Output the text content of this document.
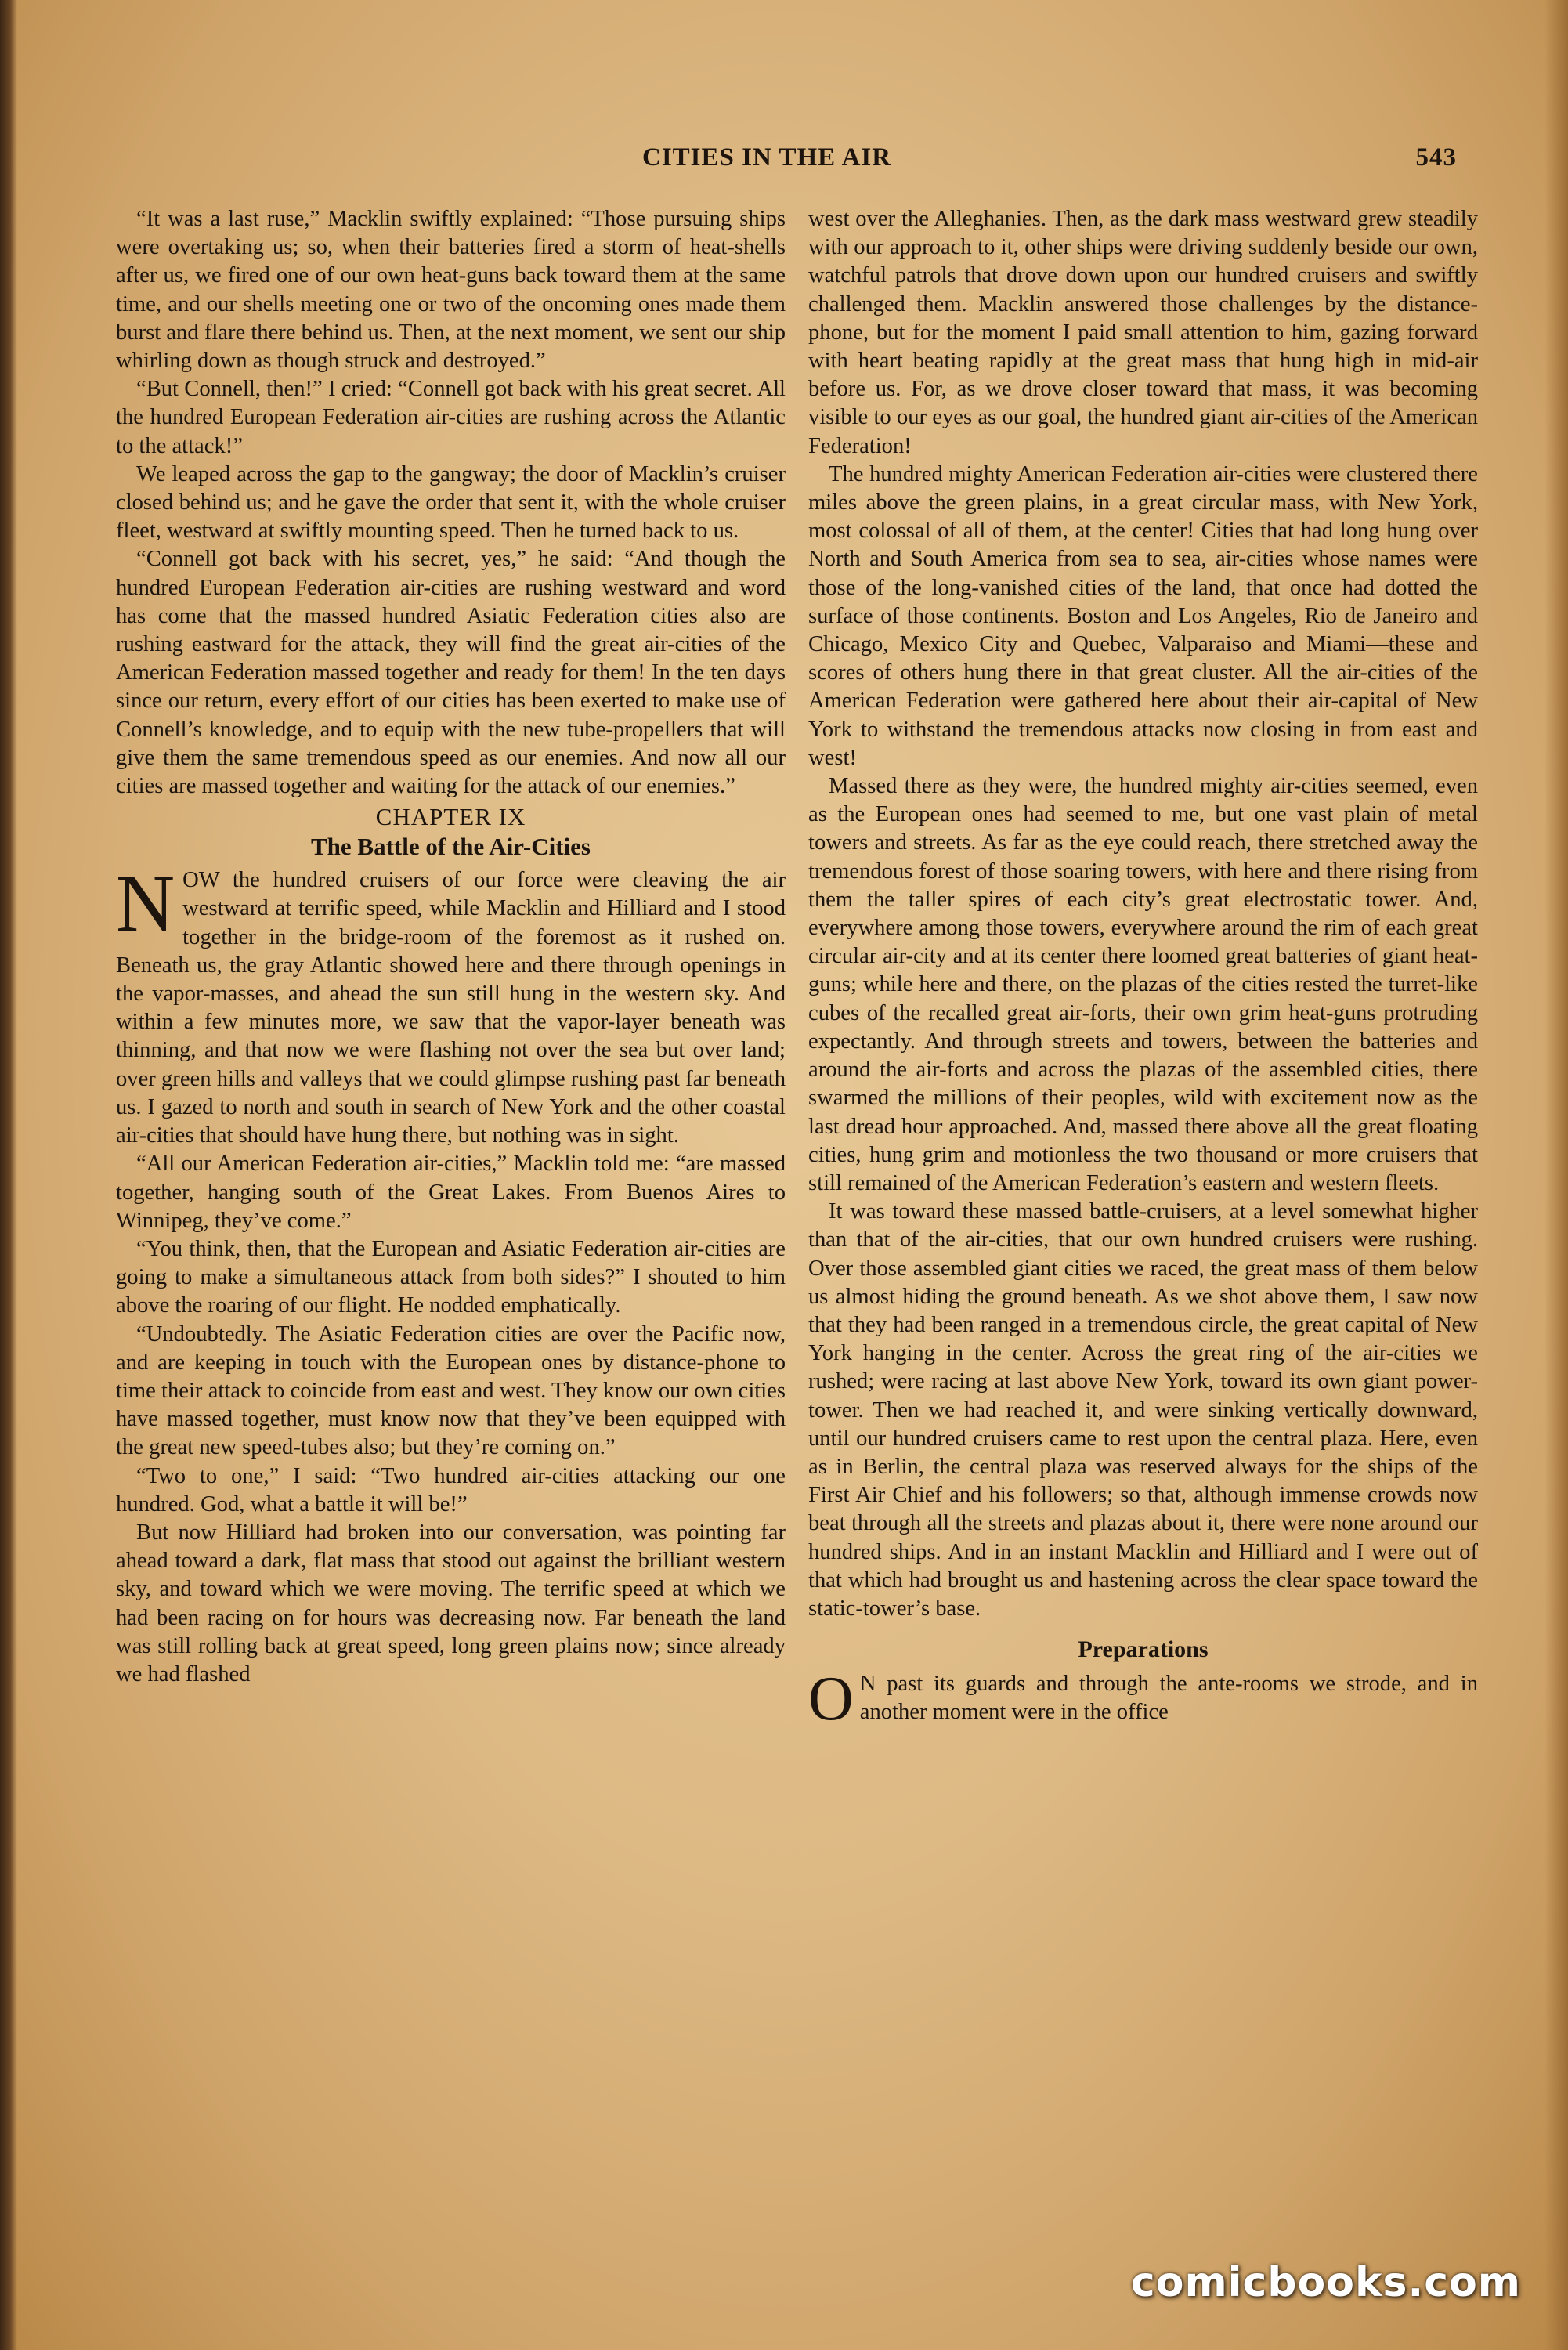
CITIES IN THE AIR	543

“It was a last ruse,” Macklin swiftly explained: “Those pursuing ships were overtaking us; so, when their batteries fired a storm of heat-shells after us, we fired one of our own heat-guns back toward them at the same time, and our shells meeting one or two of the oncoming ones made them burst and flare there behind us. Then, at the next moment, we sent our ship whirling down as though struck and destroyed.”

“But Connell, then!” I cried: “Connell got back with his great secret. All the hundred European Federation air-cities are rushing across the Atlantic to the attack!”

We leaped across the gap to the gangway; the door of Macklin’s cruiser closed behind us; and he gave the order that sent it, with the whole cruiser fleet, westward at swiftly mounting speed. Then he turned back to us.

“Connell got back with his secret, yes,” he said: “And though the hundred European Federation air-cities are rushing westward and word has come that the massed hundred Asiatic Federation cities also are rushing eastward for the attack, they will find the great air-cities of the American Federation massed together and ready for them! In the ten days since our return, every effort of our cities has been exerted to make use of Connell’s knowledge, and to equip with the new tube-propellers that will give them the same tremendous speed as our enemies. And now all our cities are massed together and waiting for the attack of our enemies.”

CHAPTER IX
The Battle of the Air-Cities

NOW the hundred cruisers of our force were cleaving the air westward at terrific speed, while Macklin and Hilliard and I stood together in the bridge-room of the foremost as it rushed on. Beneath us, the gray Atlantic showed here and there through openings in the vapor-masses, and ahead the sun still hung in the western sky. And within a few minutes more, we saw that the vapor-layer beneath was thinning, and that now we were flashing not over the sea but over land; over green hills and valleys that we could glimpse rushing past far beneath us. I gazed to north and south in search of New York and the other coastal air-cities that should have hung there, but nothing was in sight.

“All our American Federation air-cities,” Macklin told me: “are massed together, hanging south of the Great Lakes. From Buenos Aires to Winnipeg, they’ve come.”

“You think, then, that the European and Asiatic Federation air-cities are going to make a simultaneous attack from both sides?” I shouted to him above the roaring of our flight. He nodded emphatically.

“Undoubtedly. The Asiatic Federation cities are over the Pacific now, and are keeping in touch with the European ones by distance-phone to time their attack to coincide from east and west. They know our own cities have massed together, must know now that they’ve been equipped with the great new speed-tubes also; but they’re coming on.”

“Two to one,” I said: “Two hundred air-cities attacking our one hundred. God, what a battle it will be!”

But now Hilliard had broken into our conversation, was pointing far ahead toward a dark, flat mass that stood out against the brilliant western sky, and toward which we were moving. The terrific speed at which we had been racing on for hours was decreasing now. Far beneath the land was still rolling back at great speed, long green plains now; since already we had flashed

west over the Alleghanies. Then, as the dark mass westward grew steadily with our approach to it, other ships were driving suddenly beside our own, watchful patrols that drove down upon our hundred cruisers and swiftly challenged them. Macklin answered those challenges by the distance-phone, but for the moment I paid small attention to him, gazing forward with heart beating rapidly at the great mass that hung high in mid-air before us. For, as we drove closer toward that mass, it was becoming visible to our eyes as our goal, the hundred giant air-cities of the American Federation!

The hundred mighty American Federation air-cities were clustered there miles above the green plains, in a great circular mass, with New York, most colossal of all of them, at the center! Cities that had long hung over North and South America from sea to sea, air-cities whose names were those of the long-vanished cities of the land, that once had dotted the surface of those continents. Boston and Los Angeles, Rio de Janeiro and Chicago, Mexico City and Quebec, Valparaiso and Miami—these and scores of others hung there in that great cluster. All the air-cities of the American Federation were gathered here about their air-capital of New York to withstand the tremendous attacks now closing in from east and west!

Massed there as they were, the hundred mighty air-cities seemed, even as the European ones had seemed to me, but one vast plain of metal towers and streets. As far as the eye could reach, there stretched away the tremendous forest of those soaring towers, with here and there rising from them the taller spires of each city’s great electrostatic tower. And, everywhere among those towers, everywhere around the rim of each great circular air-city and at its center there loomed great batteries of giant heat-guns; while here and there, on the plazas of the cities rested the turret-like cubes of the recalled great air-forts, their own grim heat-guns protruding expectantly. And through streets and towers, between the batteries and around the air-forts and across the plazas of the assembled cities, there swarmed the millions of their peoples, wild with excitement now as the last dread hour approached. And, massed there above all the great floating cities, hung grim and motionless the two thousand or more cruisers that still remained of the American Federation’s eastern and western fleets.

It was toward these massed battle-cruisers, at a level somewhat higher than that of the air-cities, that our own hundred cruisers were rushing. Over those assembled giant cities we raced, the great mass of them below us almost hiding the ground beneath. As we shot above them, I saw now that they had been ranged in a tremendous circle, the great capital of New York hanging in the center. Across the great ring of the air-cities we rushed; were racing at last above New York, toward its own giant power-tower. Then we had reached it, and were sinking vertically downward, until our hundred cruisers came to rest upon the central plaza. Here, even as in Berlin, the central plaza was reserved always for the ships of the First Air Chief and his followers; so that, although immense crowds now beat through all the streets and plazas about it, there were none around our hundred ships. And in an instant Macklin and Hilliard and I were out of that which had brought us and hastening across the clear space toward the static-tower’s base.

Preparations

O N past its guards and through the ante-rooms we strode, and in another moment were in the office

comicbooks.com
